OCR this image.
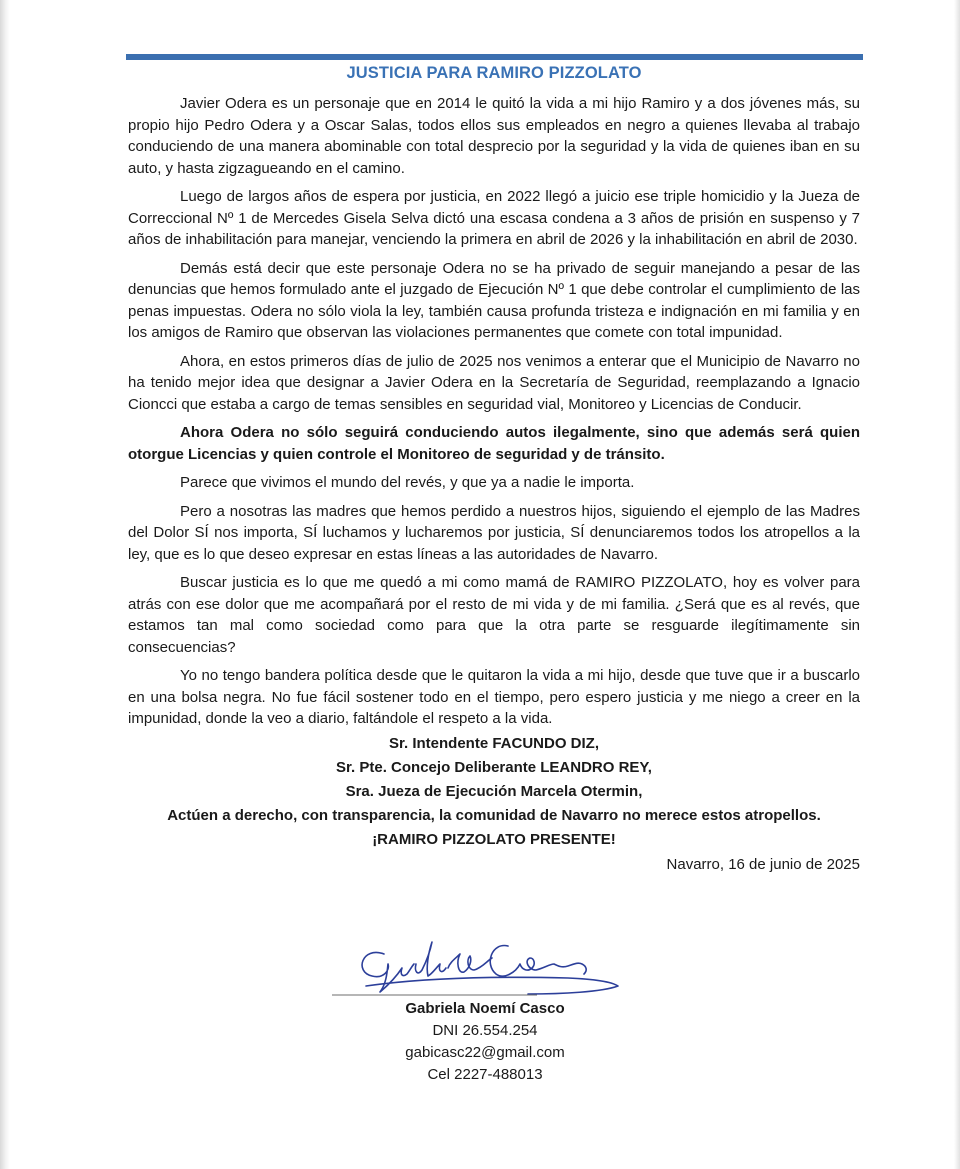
JUSTICIA PARA RAMIRO PIZZOLATO

Javier Odera es un personaje que en 2014 le quitó la vida a mi hijo Ramiro y a dos jóvenes más, su propio hijo Pedro Odera y a Oscar Salas, todos ellos sus empleados en negro a quienes llevaba al trabajo conduciendo de una manera abominable con total desprecio por la seguridad y la vida de quienes iban en su auto, y hasta zigzagueando en el camino.

Luego de largos años de espera por justicia, en 2022 llegó a juicio ese triple homicidio y la Jueza de Correccional Nº 1 de Mercedes Gisela Selva dictó una escasa condena a 3 años de prisión en suspenso y 7 años de inhabilitación para manejar, venciendo la primera en abril de 2026 y la inhabilitación en abril de 2030.

Demás está decir que este personaje Odera no se ha privado de seguir manejando a pesar de las denuncias que hemos formulado ante el juzgado de Ejecución Nº 1 que debe controlar el cumplimiento de las penas impuestas. Odera no sólo viola la ley, también causa profunda tristeza e indignación en mi familia y en los amigos de Ramiro que observan las violaciones permanentes que comete con total impunidad.

Ahora, en estos primeros días de julio de 2025 nos venimos a enterar que el Municipio de Navarro no ha tenido mejor idea que designar a Javier Odera en la Secretaría de Seguridad, reemplazando a Ignacio Cioncci que estaba a cargo de temas sensibles en seguridad vial, Monitoreo y Licencias de Conducir.

Ahora Odera no sólo seguirá conduciendo autos ilegalmente, sino que además será quien otorgue Licencias y quien controle el Monitoreo de seguridad y de tránsito.

Parece que vivimos el mundo del revés, y que ya a nadie le importa.

Pero a nosotras las madres que hemos perdido a nuestros hijos, siguiendo el ejemplo de las Madres del Dolor SÍ nos importa, SÍ luchamos y lucharemos por justicia, SÍ denunciaremos todos los atropellos a la ley, que es lo que deseo expresar en estas líneas a las autoridades de Navarro.

Buscar justicia es lo que me quedó a mi como mamá de RAMIRO PIZZOLATO, hoy es volver para atrás con ese dolor que me acompañará por el resto de mi vida y de mi familia. ¿Será que es al revés, que estamos tan mal como sociedad como para que la otra parte se resguarde ilegítimamente sin consecuencias?

Yo no tengo bandera política desde que le quitaron la vida a mi hijo, desde que tuve que ir a buscarlo en una bolsa negra. No fue fácil sostener todo en el tiempo, pero espero justicia y me niego a creer en la impunidad, donde la veo a diario, faltándole el respeto a la vida.

Sr. Intendente FACUNDO DIZ,
Sr. Pte. Concejo Deliberante LEANDRO REY,
Sra. Jueza de Ejecución Marcela Otermin,
Actúen a derecho, con transparencia, la comunidad de Navarro no merece estos atropellos.
¡RAMIRO PIZZOLATO PRESENTE!
Navarro, 16 de junio de 2025
Gabriela Noemí Casco
DNI 26.554.254
gabicasc22@gmail.com
Cel 2227-488013
